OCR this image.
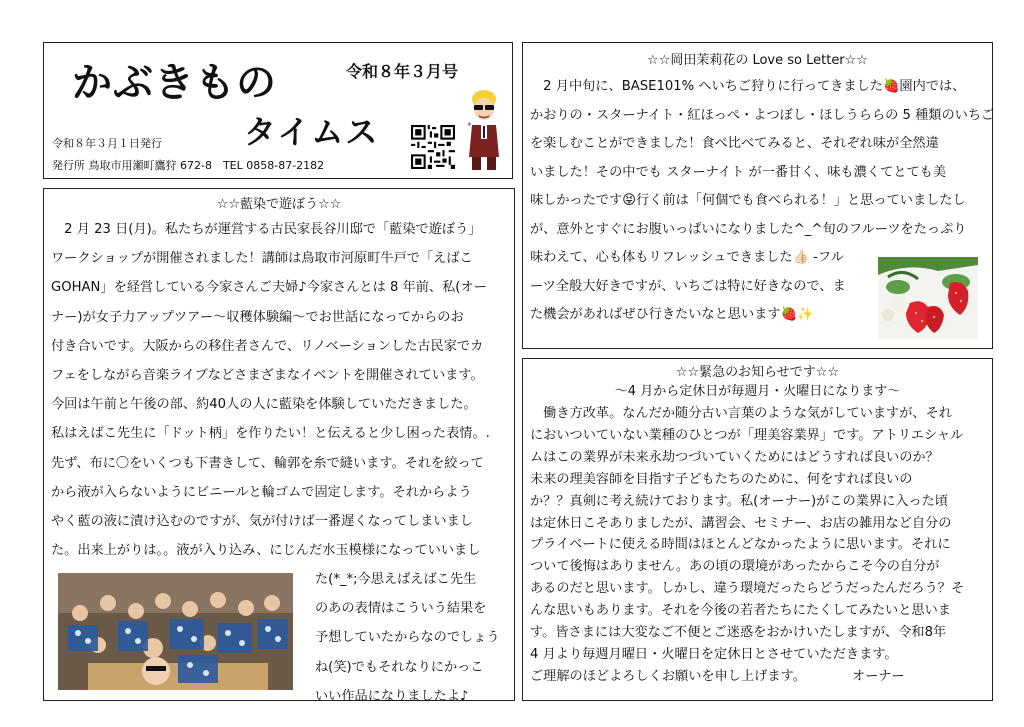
かぶきもの	令和８年３月号
タイムス
令和８年３月１日発行
発行所 鳥取市用瀬町鷹狩 672-8　TEL 0858-87-2182
✦
☆☆藍染で遊ぼう☆☆

　2 月 23 日(月)。私たちが運営する古民家長谷川邸で「藍染で遊ぼう」

ワークショップが開催されました！講師は鳥取市河原町牛戸で「えばこ

GOHAN」を経営している今家さんご夫婦♪今家さんとは 8 年前、私(オー

ナー)が女子力アップツアー～収穫体験編～でお世話になってからのお

付き合いです。大阪からの移住者さんで、リノベーションした古民家でカ

フェをしながら音楽ライブなどさまざまなイベントを開催されています。

今回は午前と午後の部、約40人の人に藍染を体験していただきました。

私はえばこ先生に「ドット柄」を作りたい！と伝えると少し困った表情。.

先ず、布に〇をいくつも下書きして、輪郭を糸で縫います。それを絞って

から液が入らないようにビニールと輪ゴムで固定します。それからよう

やく藍の液に漬け込むのですが、気が付けば一番遅くなってしまいまし

た。出来上がりは。。液が入り込み、にじんだ水玉模様になっていいまし

た(*_*;今思えばえばこ先生

のあの表情はこういう結果を

予想していたからなのでしょう

ね(笑)でもそれなりにかっこ

いい作品になりましたよ♪

☆☆岡田茉莉花の Love so Letter☆☆

　2 月中旬に、BASE101% へいちご狩りに行ってきました🍓園内では、

かおりの・スターナイト・紅ほっぺ・よつぼし・ほしうららの 5 種類のいちご

を楽しむことができました！食べ比べてみると、それぞれ味が全然違

いました！その中でも スターナイト が一番甘く、味も濃くてとても美

味しかったです😝行く前は「何個でも食べられる！」と思っていましたし

が、意外とすぐにお腹いっぱいになりました^_^旬のフルーツをたっぷり

味わえて、心も体もリフレッシュできました👍🏻 -フル

ーツ全般大好きですが、いちごは特に好きなので、ま

た機会があればぜひ行きたいなと思います🍓✨

☆☆緊急のお知らせです☆☆
～4 月から定休日が毎週月・火曜日になります～

　働き方改革。なんだか随分古い言葉のような気がしていますが、それ

においついていない業種のひとつが「理美容業界」です。アトリエシャル

ムはこの業界が未来永劫つづいていくためにはどうすれば良いのか？

未来の理美容師を目指す子どもたちのために、何をすれば良いの

か？？真剣に考え続けております。私(オーナー)がこの業界に入った頃

は定休日こそありましたが、講習会、セミナー、お店の雑用など自分の

プライベートに使える時間はほとんどなかったように思います。それに

ついて後悔はありません。あの頃の環境があったからこそ今の自分が

あるのだと思います。しかし、違う環境だったらどうだったんだろう？そ

んな思いもあります。それを今後の若者たちにたくしてみたいと思いま

す。皆さまには大変なご不便とご迷惑をおかけいたしますが、令和8年

4 月より毎週月曜日・火曜日を定休日とさせていただきます。

ご理解のほどよろしくお願いを申し上げます。	オーナー
